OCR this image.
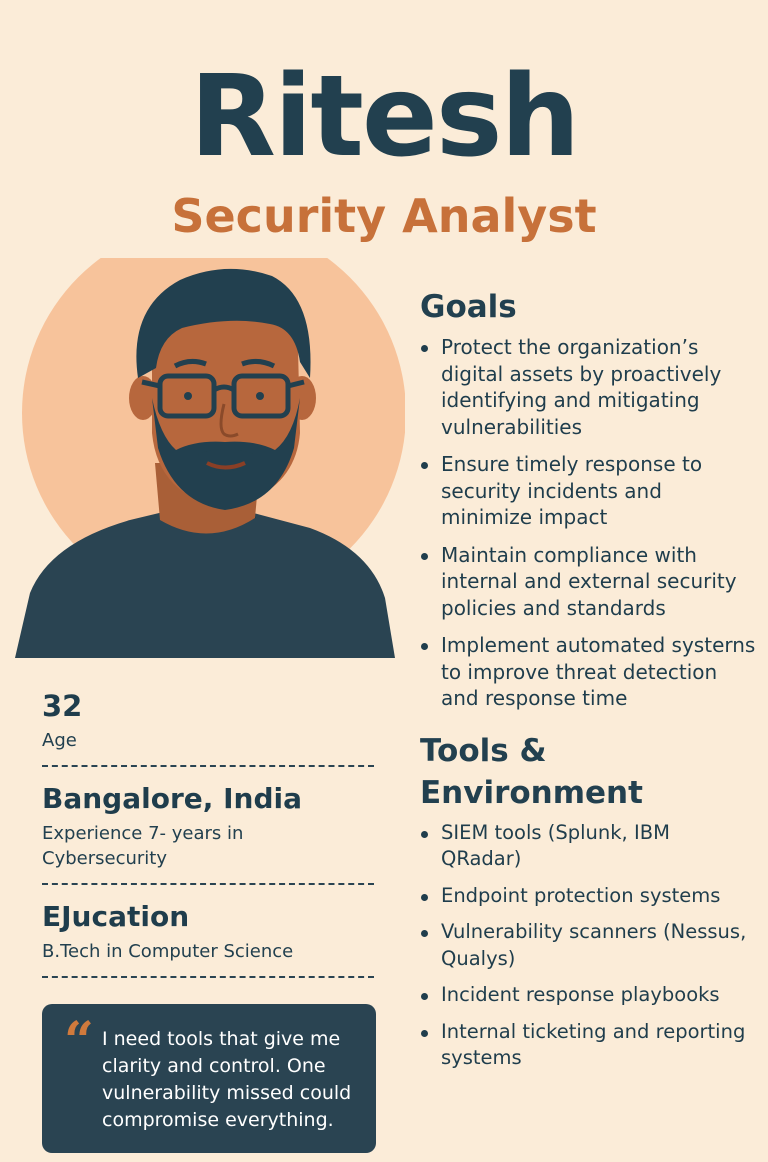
Ritesh
Security Analyst
32
Age
Bangalore, India
Experience 7- years in Cybersecurity
EJucation
B.Tech in Computer Science
“ I need tools that give me clarity and control. One vulnerability missed could compromise everything.
Goals
Protect the organization’s digital assets by proactively identifying and mitigating vulnerabilities
Ensure timely response to security incidents and minimize impact
Maintain compliance with internal and external security policies and standards
Implement automated systerns to improve threat detection and response time
Tools & Environment
SIEM tools (Splunk, IBM QRadar)
Endpoint protection systems
Vulnerability scanners (Nessus, Qualys)
Incident response playbooks
Internal ticketing and reporting systems
